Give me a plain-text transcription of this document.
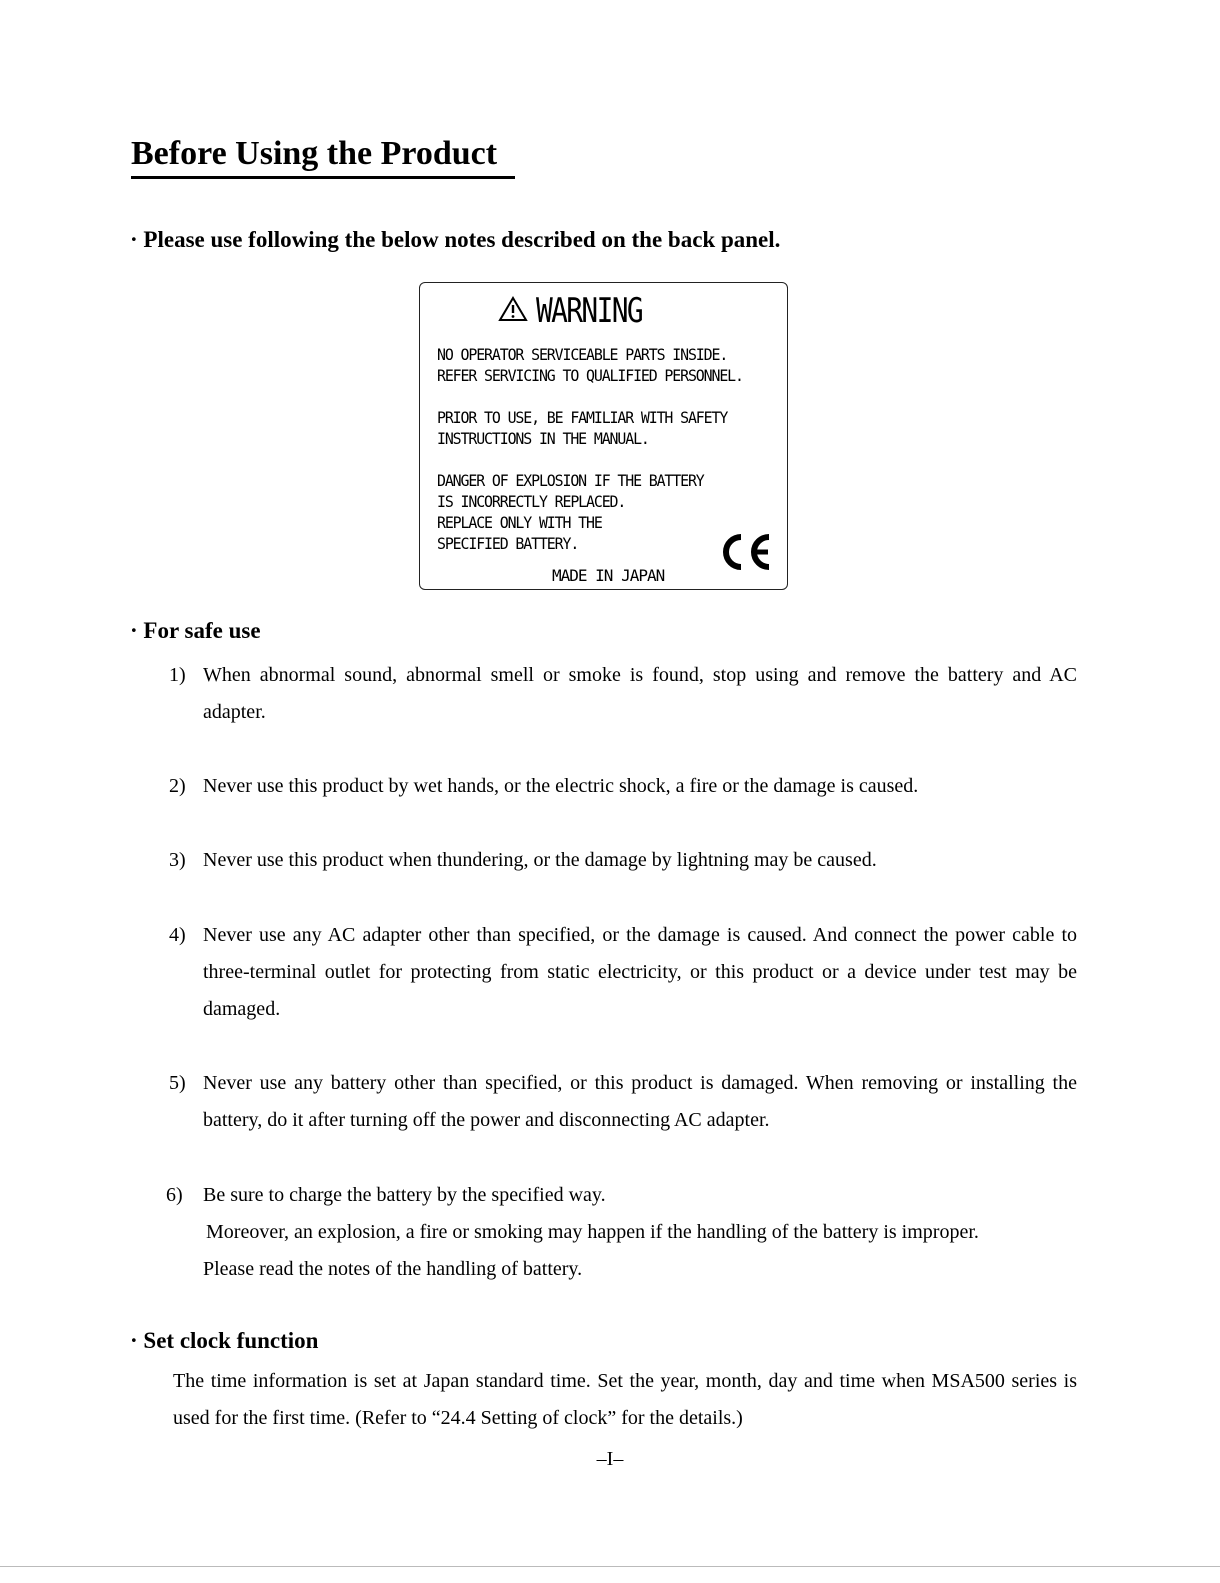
Before Using the Product
· Please use following the below notes described on the back panel.
WARNING
NO OPERATOR SERVICEABLE PARTS INSIDE.
REFER SERVICING TO QUALIFIED PERSONNEL.
PRIOR TO USE, BE FAMILIAR WITH SAFETY
INSTRUCTIONS IN THE MANUAL.
DANGER OF EXPLOSION IF THE BATTERY
IS INCORRECTLY REPLACED.
REPLACE ONLY WITH THE
SPECIFIED BATTERY.
MADE IN JAPAN
· For safe use
1) When abnormal sound, abnormal smell or smoke is found, stop using and remove the battery and AC adapter.
2) Never use this product by wet hands, or the electric shock, a fire or the damage is caused.
3) Never use this product when thundering, or the damage by lightning may be caused.
4) Never use any AC adapter other than specified, or the damage is caused. And connect the power cable to three-terminal outlet for protecting from static electricity, or this product or a device under test may be damaged.
5) Never use any battery other than specified, or this product is damaged. When removing or installing the battery, do it after turning off the power and disconnecting AC adapter.
6) Be sure to charge the battery by the specified way.
Moreover, an explosion, a fire or smoking may happen if the handling of the battery is improper.
Please read the notes of the handling of battery.
· Set clock function
The time information is set at Japan standard time. Set the year, month, day and time when MSA500 series is used for the first time. (Refer to “24.4 Setting of clock” for the details.)
–I–
